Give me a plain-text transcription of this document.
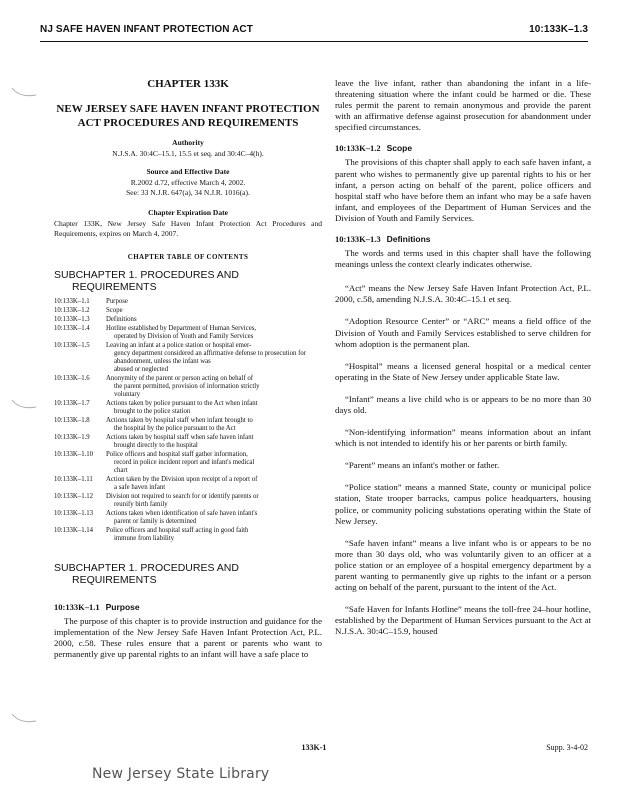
NJ SAFE HAVEN INFANT PROTECTION ACT	10:133K–1.3
CHAPTER 133K
NEW JERSEY SAFE HAVEN INFANT PROTECTION
ACT PROCEDURES AND REQUIREMENTS
Authority
N.J.S.A. 30:4C–15.1, 15.5 et seq. and 30:4C–4(h).
Source and Effective Date
R.2002 d.72, effective March 4, 2002.
See: 33 N.J.R. 647(a), 34 N.J.R. 1016(a).
Chapter Expiration Date
Chapter 133K, New Jersey Safe Haven Infant Protection Act Procedures and Requirements, expires on March 4, 2007.
CHAPTER TABLE OF CONTENTS
SUBCHAPTER 1. PROCEDURES AND
REQUIREMENTS
10:133K–1.1	Purpose
10:133K–1.2	Scope
10:133K–1.3	Definitions
10:133K–1.4	Hotline established by Department of Human Services,
operated by Division of Youth and Family Services

10:133K–1.5	Leaving an infant at a police station or hospital emer-
gency department considered an affirmative defense to prosecution for abandonment, unless the infant was
abused or neglected

10:133K–1.6	Anonymity of the parent or person acting on behalf of
the parent permitted, provision of information strictly
voluntary

10:133K–1.7	Actions taken by police pursuant to the Act when infant
brought to the police station

10:133K–1.8	Actions taken by hospital staff when infant brought to
the hospital by the police pursuant to the Act

10:133K–1.9	Actions taken by hospital staff when safe haven infant
brought directly to the hospital

10:133K–1.10	Police officers and hospital staff gather information,
record in police incident report and infant's medical
chart

10:133K–1.11	Action taken by the Division upon receipt of a report of
a safe haven infant

10:133K–1.12	Division not required to search for or identify parents or
reunify birth family

10:133K–1.13	Actions taken when identification of safe haven infant's
parent or family is determined

10:133K–1.14	Police officers and hospital staff acting in good faith
immune from liability
SUBCHAPTER 1. PROCEDURES AND
REQUIREMENTS
10:133K–1.1 Purpose

The purpose of this chapter is to provide instruction and guidance for the implementation of the New Jersey Safe Haven Infant Protection Act, P.L. 2000, c.58. These rules ensure that a parent or parents who want to permanently give up parental rights to an infant will have a safe place to

leave the live infant, rather than abandoning the infant in a life-threatening situation where the infant could be harmed or die. These rules permit the parent to remain anonymous and provide the parent with an affirmative defense against prosecution for abandonment under specified circumstances.

10:133K–1.2 Scope

The provisions of this chapter shall apply to each safe haven infant, a parent who wishes to permanently give up parental rights to his or her infant, a person acting on behalf of the parent, police officers and hospital staff who have before them an infant who may be a safe haven infant, and employees of the Department of Human Services and the Division of Youth and Family Services.

10:133K–1.3 Definitions

The words and terms used in this chapter shall have the following meanings unless the context clearly indicates otherwise.

“Act” means the New Jersey Safe Haven Infant Protection Act, P.L. 2000, c.58, amending N.J.S.A. 30:4C–15.1 et seq.

“Adoption Resource Center” or “ARC” means a field office of the Division of Youth and Family Services established to serve children for whom adoption is the permanent plan.

“Hospital” means a licensed general hospital or a medical center operating in the State of New Jersey under applicable State law.

“Infant” means a live child who is or appears to be no more than 30 days old.

“Non-identifying information” means information about an infant which is not intended to identify his or her parents or birth family.

“Parent” means an infant's mother or father.

“Police station” means a manned State, county or municipal police station, State trooper barracks, campus police headquarters, housing police, or community policing substations operating within the State of New Jersey.

“Safe haven infant” means a live infant who is or appears to be no more than 30 days old, who was voluntarily given to an officer at a police station or an employee of a hospital emergency department by a parent wanting to permanently give up rights to the infant or a person acting on behalf of the parent, pursuant to the intent of the Act.

“Safe Haven for Infants Hotline” means the toll-free 24–hour hotline, established by the Department of Human Services pursuant to the Act at N.J.S.A. 30:4C–15.9, housed

133K-1	Supp. 3-4-02
New Jersey State Library
